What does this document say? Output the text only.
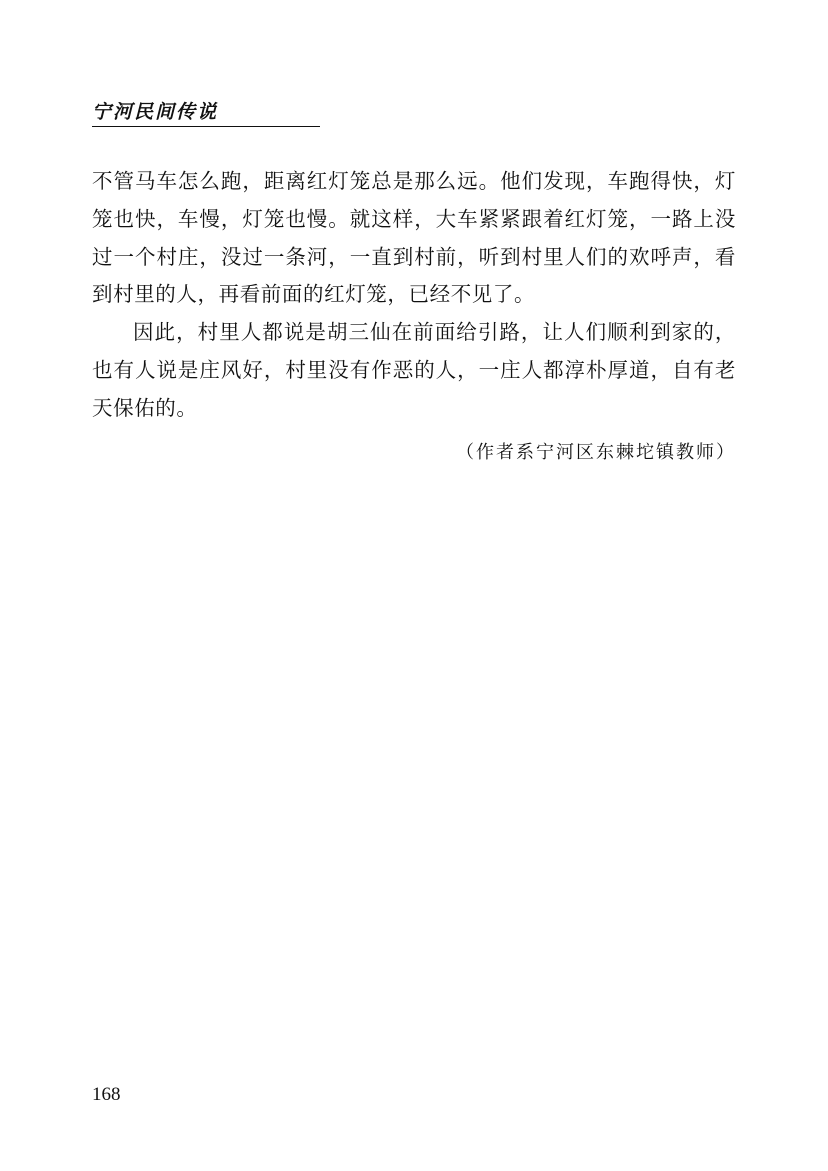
宁河民间传说

不管马车怎么跑，距离红灯笼总是那么远。他们发现，车跑得快，灯笼也快，车慢，灯笼也慢。就这样，大车紧紧跟着红灯笼，一路上没过一个村庄，没过一条河，一直到村前，听到村里人们的欢呼声，看到村里的人，再看前面的红灯笼，已经不见了。

因此，村里人都说是胡三仙在前面给引路，让人们顺利到家的，也有人说是庄风好，村里没有作恶的人，一庄人都淳朴厚道，自有老天保佑的。

（作者系宁河区东棘坨镇教师）
168
